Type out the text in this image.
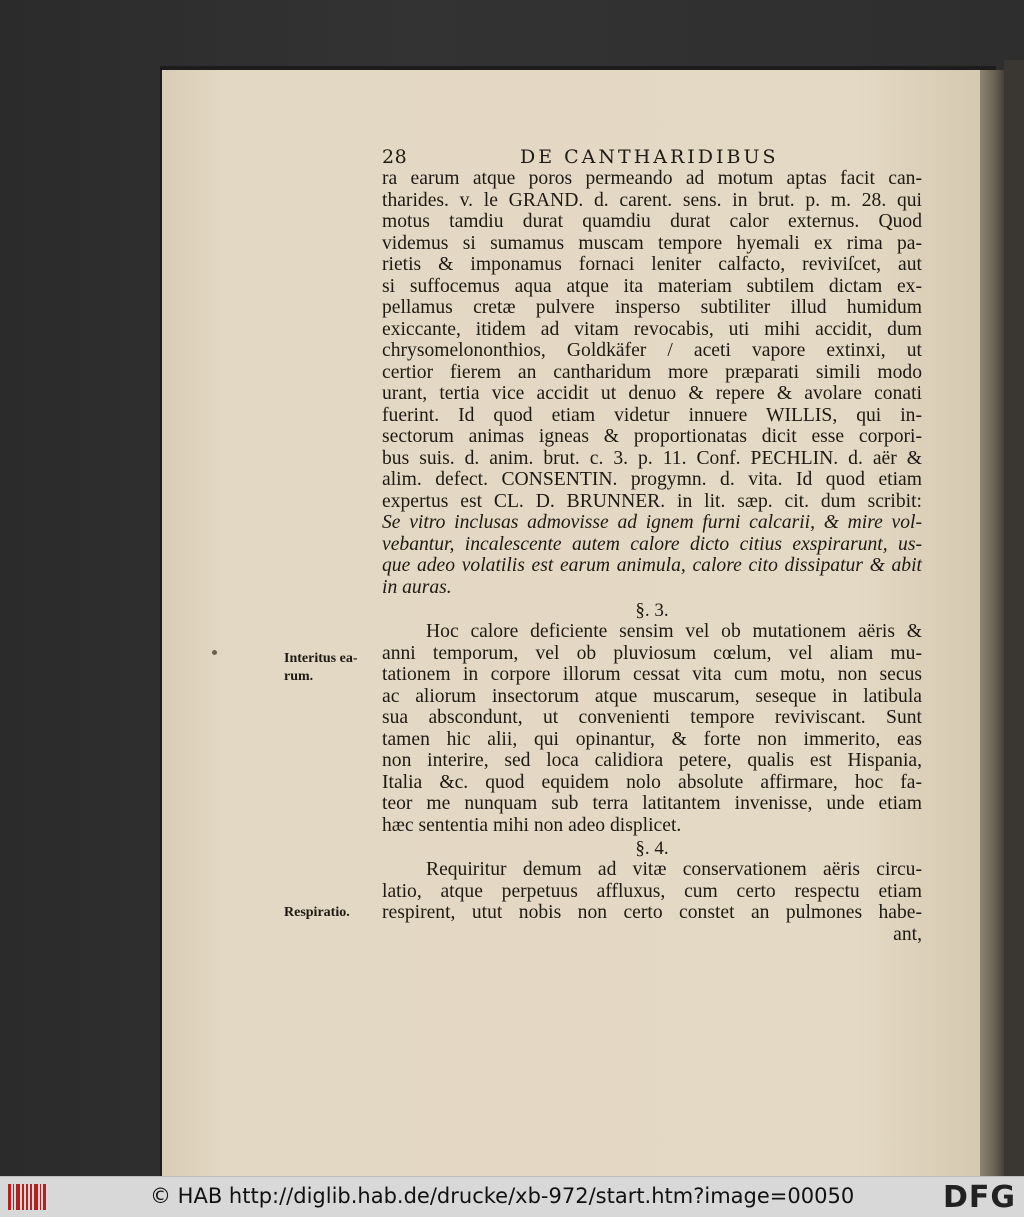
28	DE CANTHARIDIBUS
Interitus ea-
rum.
Respiratio.

ra earum atque poros permeando ad motum aptas facit can-
tharides. v. le GRAND. d. carent. sens. in brut. p. m. 28. qui
motus tamdiu durat quamdiu durat calor externus. Quod
videmus si sumamus muscam tempore hyemali ex rima pa-
rietis & imponamus fornaci leniter calfacto, reviviſcet, aut
si suffocemus aqua atque ita materiam subtilem dictam ex-
pellamus cretæ pulvere insperso subtiliter illud humidum
exiccante, itidem ad vitam revocabis, uti mihi accidit, dum
chrysomelononthios, Goldkäfer / aceti vapore extinxi, ut
certior fierem an cantharidum more præparati simili modo
urant, tertia vice accidit ut denuo & repere & avolare conati
fuerint. Id quod etiam videtur innuere WILLIS, qui in-
sectorum animas igneas & proportionatas dicit esse corpori-
bus suis. d. anim. brut. c. 3. p. 11. Conf. PECHLIN. d. aër &
alim. defect. CONSENTIN. progymn. d. vita. Id quod etiam
expertus est CL. D. BRUNNER. in lit. sæp. cit. dum scribit:
Se vitro inclusas admovisse ad ignem furni calcarii, & mire vol-
vebantur, incalescente autem calore dicto citius exspirarunt, us-
que adeo volatilis est earum animula, calore cito dissipatur & abit
in auras.

§. 3.

Hoc calore deficiente sensim vel ob mutationem aëris &
anni temporum, vel ob pluviosum cœlum, vel aliam mu-
tationem in corpore illorum cessat vita cum motu, non secus
ac aliorum insectorum atque muscarum, seseque in latibula
sua abscondunt, ut convenienti tempore reviviscant. Sunt
tamen hic alii, qui opinantur, & forte non immerito, eas
non interire, sed loca calidiora petere, qualis est Hispania,
Italia &c. quod equidem nolo absolute affirmare, hoc fa-
teor me nunquam sub terra latitantem invenisse, unde etiam
hæc sententia mihi non adeo displicet.

§. 4.

Requiritur demum ad vitæ conservationem aëris circu-
latio, atque perpetuus affluxus, cum certo respectu etiam
respirent, utut nobis non certo constet an pulmones habe-
ant,

© HAB http://diglib.hab.de/drucke/xb-972/start.htm?image=00050	DFG
